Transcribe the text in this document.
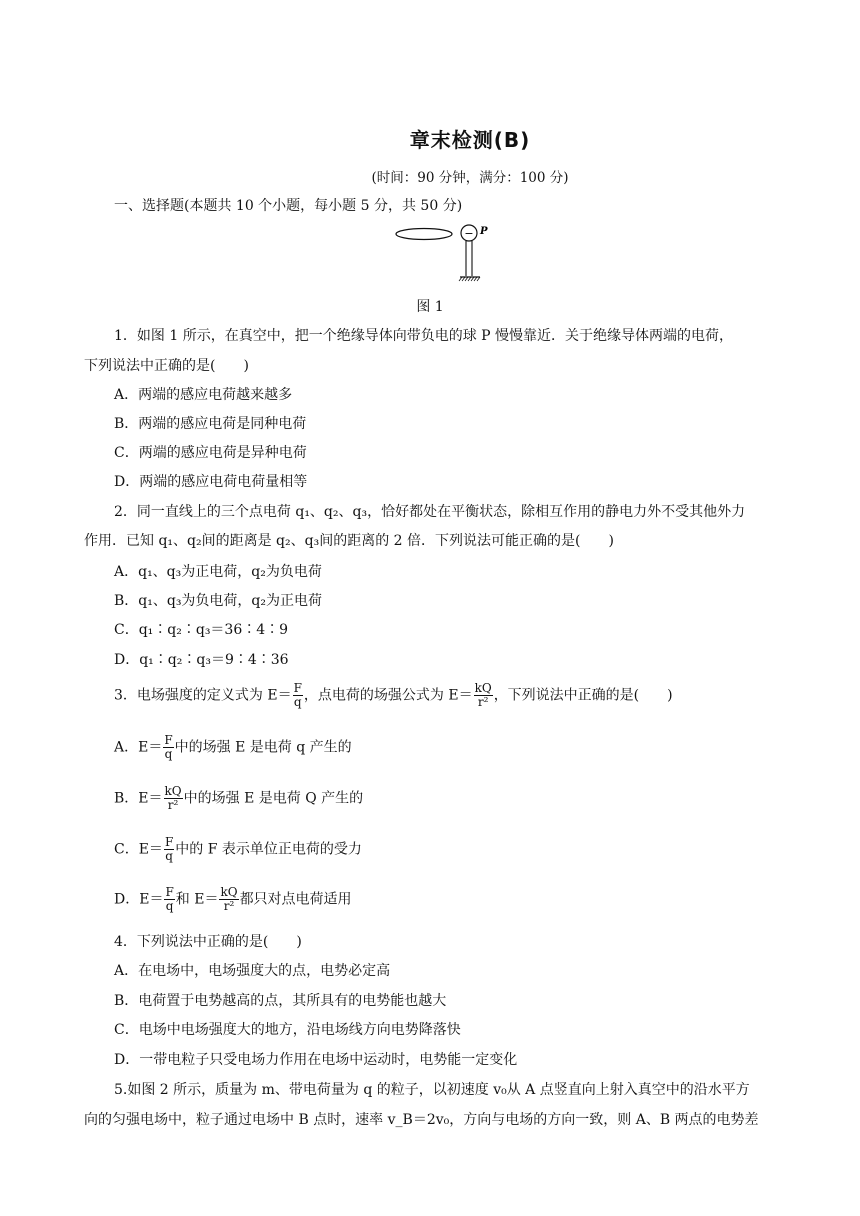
章末检测(B)
(时间：90 分钟，满分：100 分)
一、选择题(本题共 10 个小题，每小题 5 分，共 50 分)
− P
图 1
1．如图 1 所示，在真空中，把一个绝缘导体向带负电的球 P 慢慢靠近．关于绝缘导体两端的电荷，
下列说法中正确的是(　　)
A．两端的感应电荷越来越多
B．两端的感应电荷是同种电荷
C．两端的感应电荷是异种电荷
D．两端的感应电荷电荷量相等
2．同一直线上的三个点电荷 q₁、q₂、q₃，恰好都处在平衡状态，除相互作用的静电力外不受其他外力
作用．已知 q₁、q₂间的距离是 q₂、q₃间的距离的 2 倍．下列说法可能正确的是(　　)
A．q₁、q₃为正电荷，q₂为负电荷
B．q₁、q₃为负电荷，q₂为正电荷
C．q₁∶q₂∶q₃＝36∶4∶9
D．q₁∶q₂∶q₃＝9∶4∶36
3．电场强度的定义式为 $E= \frac{F}{q}$ ，点电荷的场强公式为 $E= \frac{kQ}{\text{r²}}$ ，下列说法中正确的是(　　)
A．$E= \frac{F}{q}$ 中的场强 E 是电荷 q 产生的
B．$E= \frac{kQ}{\text{r²}}$ 中的场强 E 是电荷 Q 产生的
C．$E= \frac{F}{q}$ 中的 F 表示单位正电荷的受力
D．$E= \frac{F}{q}$ 和 $E= \frac{kQ}{\text{r²}}$ 都只对点电荷适用
4．下列说法中正确的是(　　)
A．在电场中，电场强度大的点，电势必定高
B．电荷置于电势越高的点，其所具有的电势能也越大
C．电场中电场强度大的地方，沿电场线方向电势降落快
D．一带电粒子只受电场力作用在电场中运动时，电势能一定变化
5.如图 2 所示，质量为 m、带电荷量为 q 的粒子，以初速度 v₀从 A 点竖直向上射入真空中的沿水平方
向的匀强电场中，粒子通过电场中 B 点时，速率 v_B＝2v₀，方向与电场的方向一致，则 A、B 两点的电势差
